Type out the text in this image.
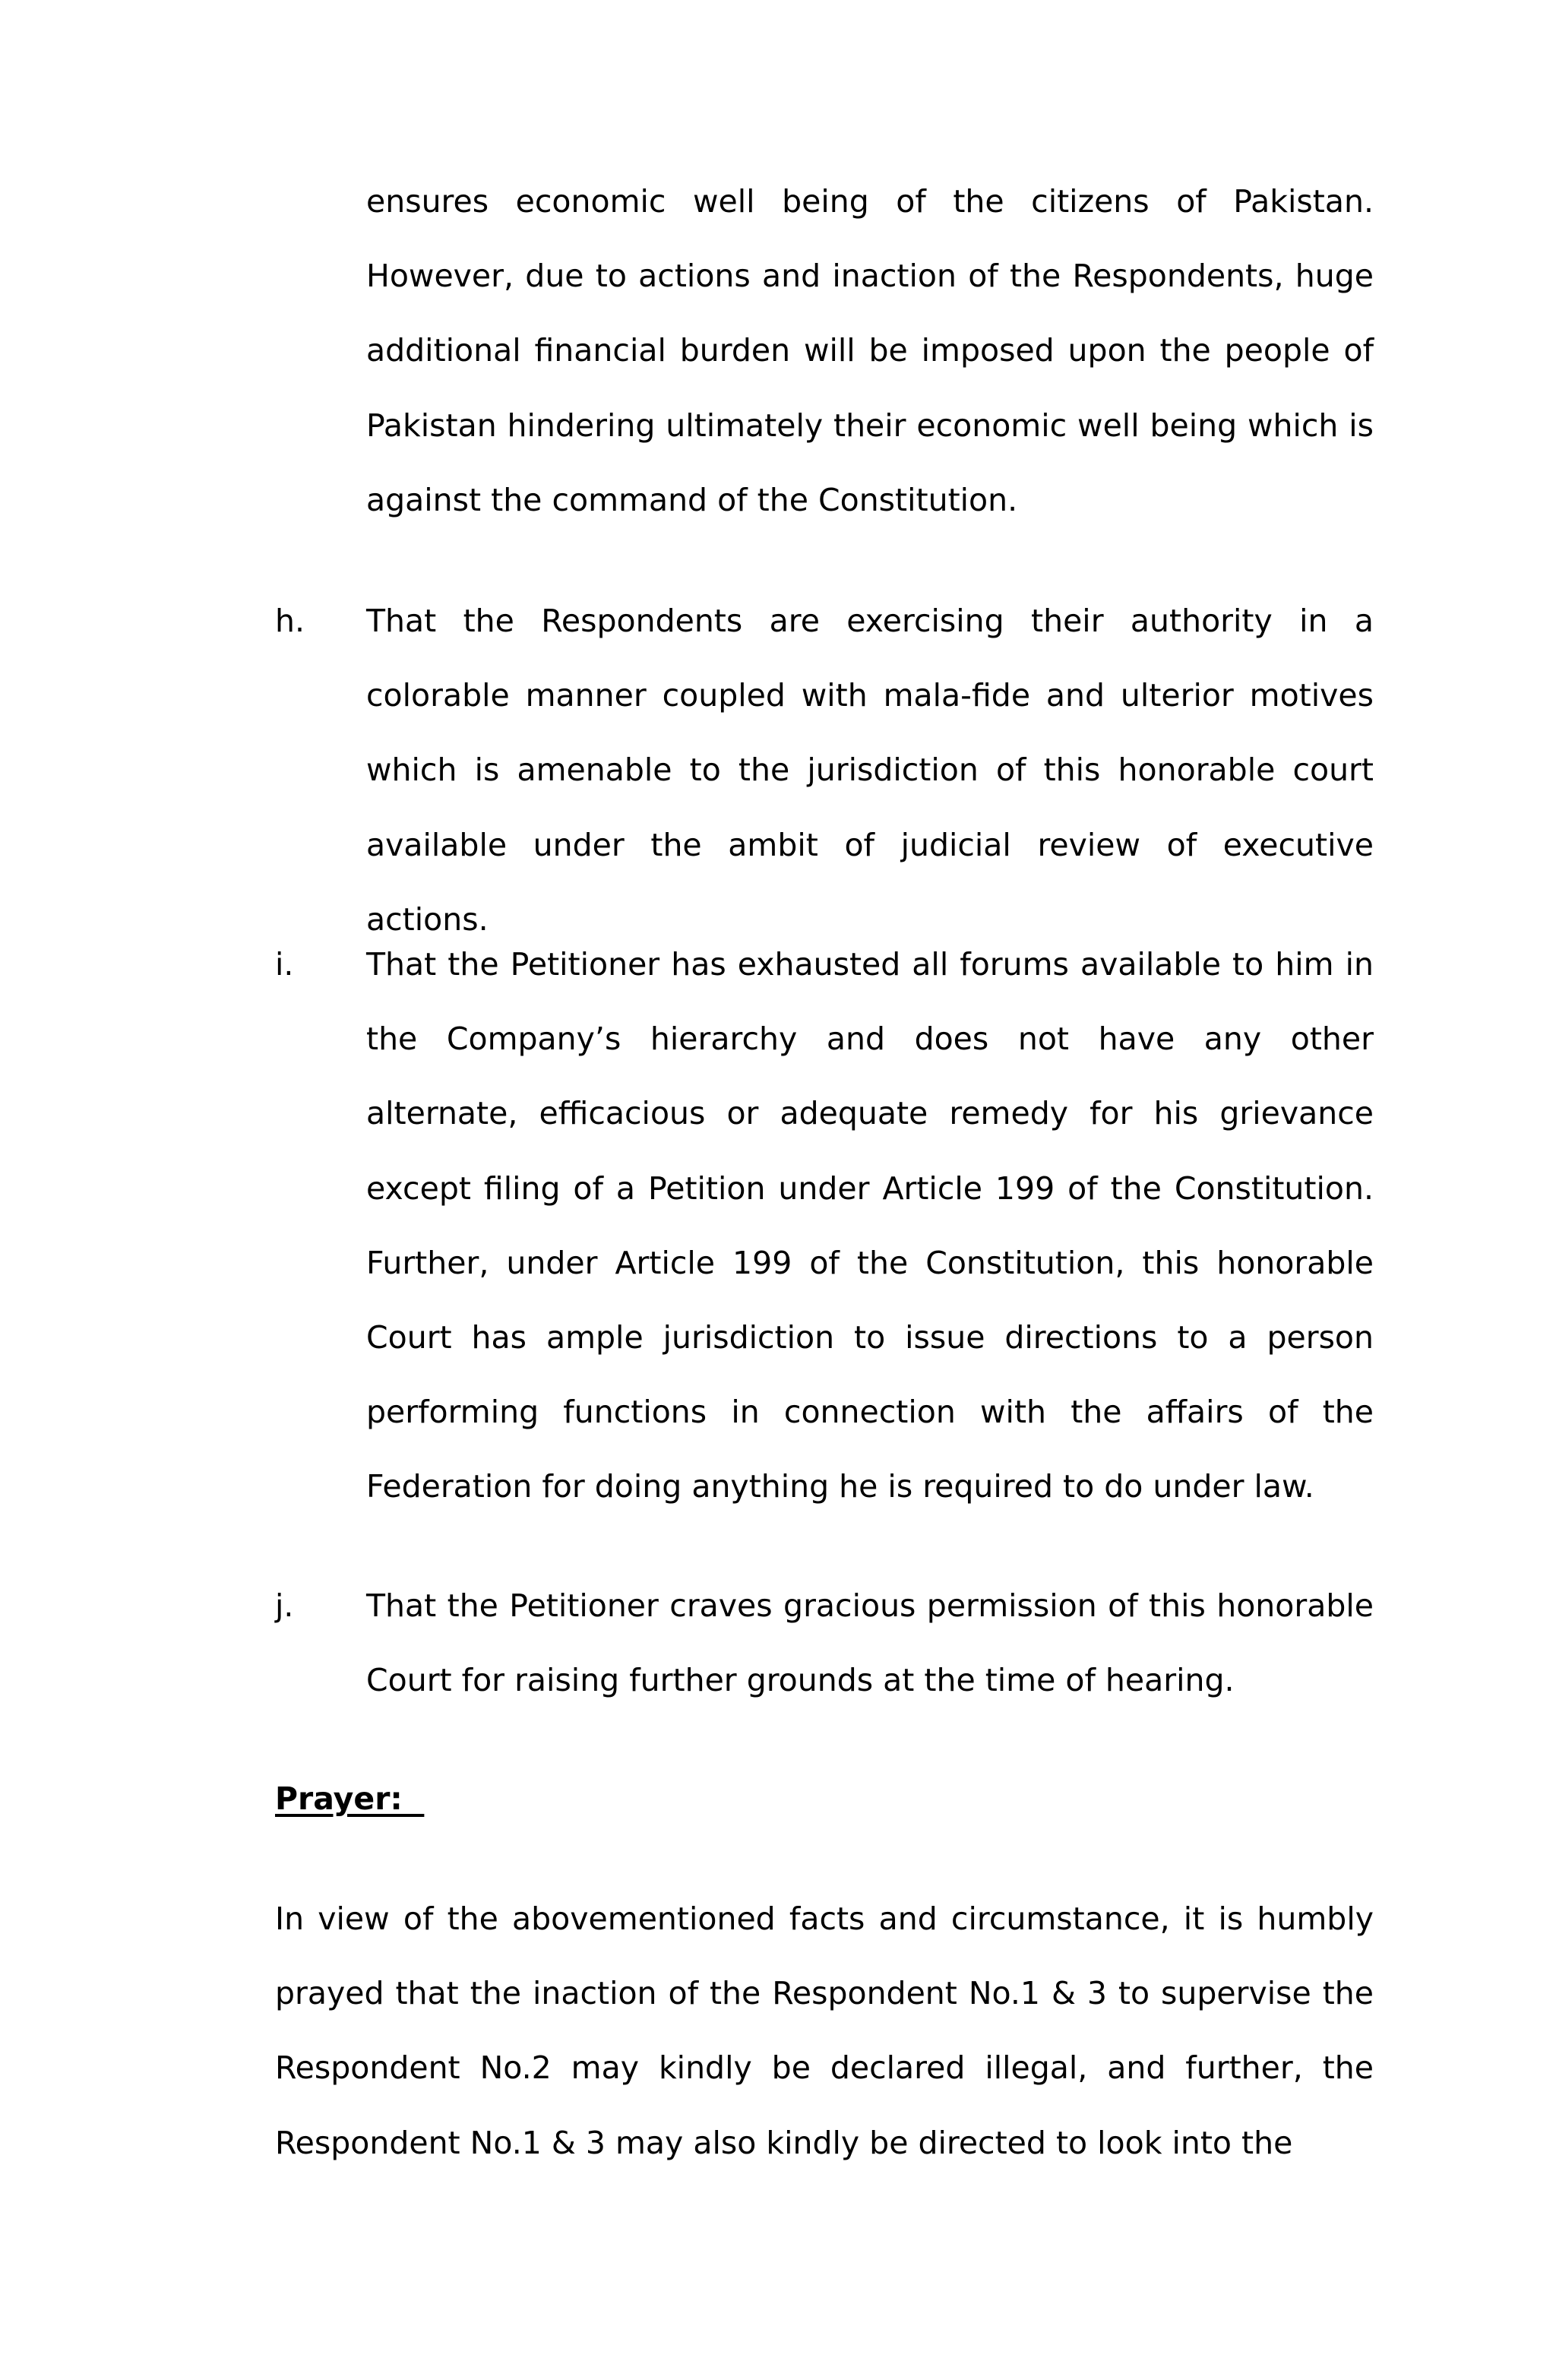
ensures economic well being of the citizens of Pakistan. However, due to actions and inaction of the Respondents, huge additional financial burden will be imposed upon the people of Pakistan hindering ultimately their economic well being which is against the command of the Constitution.
h. That the Respondents are exercising their authority in a colorable manner coupled with mala-fide and ulterior motives which is amenable to the jurisdiction of this honorable court available under the ambit of judicial review of executive actions.
i. That the Petitioner has exhausted all forums available to him in the Company’s hierarchy and does not have any other alternate, efficacious or adequate remedy for his grievance except filing of a Petition under Article 199 of the Constitution. Further, under Article 199 of the Constitution, this honorable Court has ample jurisdiction to issue directions to a person performing functions in connection with the affairs of the Federation for doing anything he is required to do under law.
j. That the Petitioner craves gracious permission of this honorable Court for raising further grounds at the time of hearing.
Prayer:
In view of the abovementioned facts and circumstance, it is humbly prayed that the inaction of the Respondent No.1 & 3 to supervise the Respondent No.2 may kindly be declared illegal, and further, the Respondent No.1 & 3 may also kindly be directed to look into the
